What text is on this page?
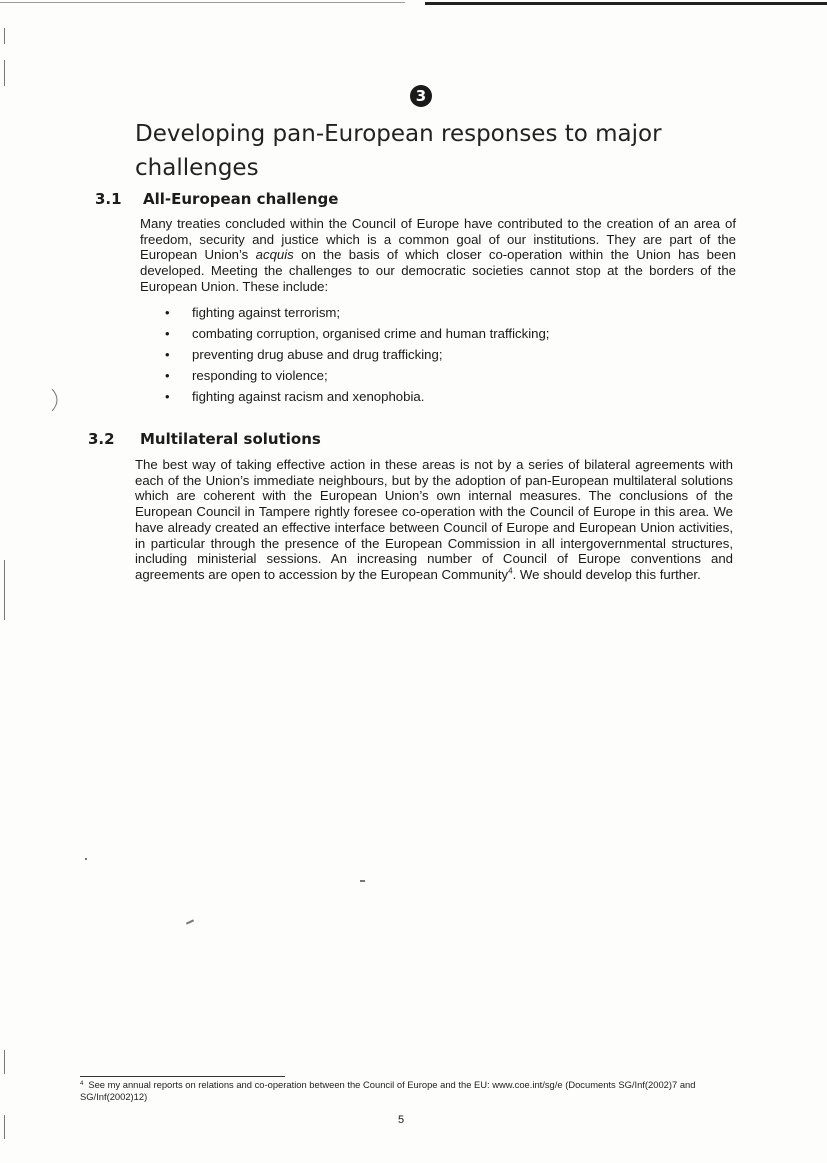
3
Developing pan-European responses to major challenges

3.1 All-European challenge

Many treaties concluded within the Council of Europe have contributed to the creation of an area of freedom, security and justice which is a common goal of our institutions. They are part of the European Union’s acquis on the basis of which closer co-operation within the Union has been developed. Meeting the challenges to our democratic societies cannot stop at the borders of the European Union. These include:

• fighting against terrorism;
• combating corruption, organised crime and human trafficking;
• preventing drug abuse and drug trafficking;
• responding to violence;
• fighting against racism and xenophobia.

3.2 Multilateral solutions

The best way of taking effective action in these areas is not by a series of bilateral agreements with each of the Union’s immediate neighbours, but by the adoption of pan-European multilateral solutions which are coherent with the European Union’s own internal measures. The conclusions of the European Council in Tampere rightly foresee co-operation with the Council of Europe in this area. We have already created an effective interface between Council of Europe and European Union activities, in particular through the presence of the European Commission in all intergovernmental structures, including ministerial sessions. An increasing number of Council of Europe conventions and agreements are open to accession by the European Community$^4$. We should develop this further.

$^4$ See my annual reports on relations and co-operation between the Council of Europe and the EU: www.coe.int/sg/e (Documents SG/Inf(2002)7 and SG/Inf(2002)12)

5
